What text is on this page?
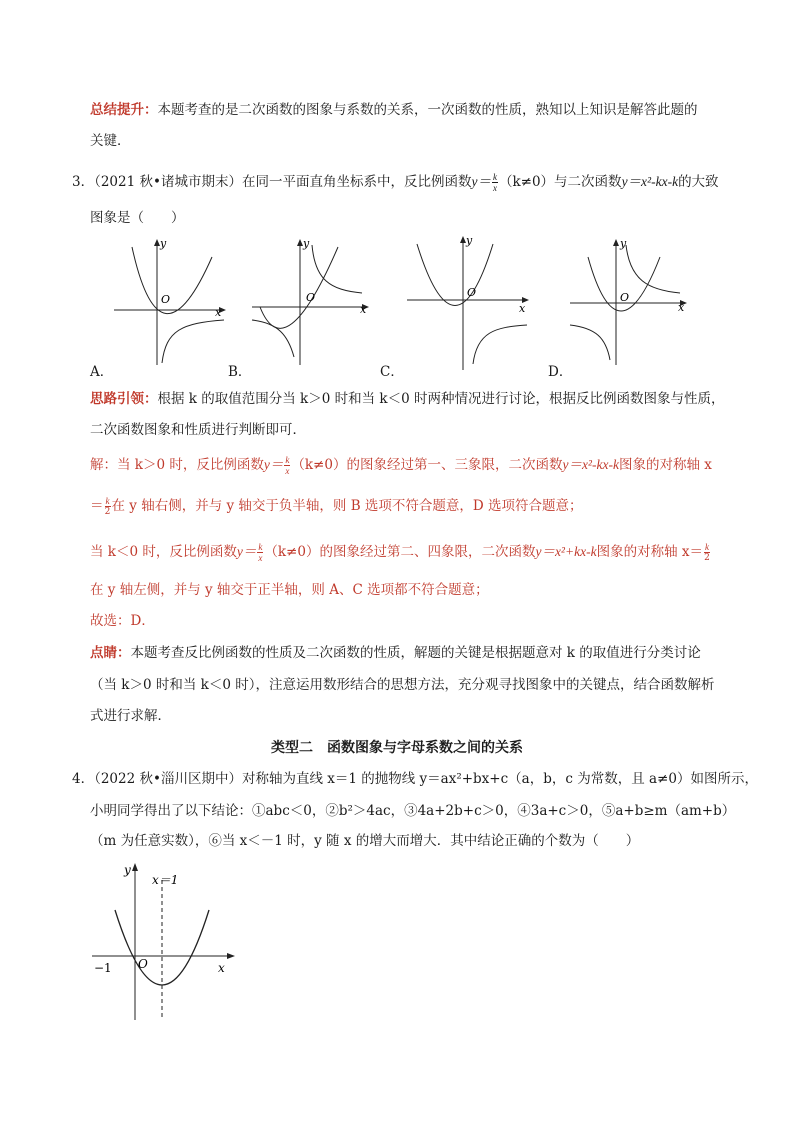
总结提升：本题考查的是二次函数的图象与系数的关系，一次函数的性质，熟知以上知识是解答此题的
关键．
3．（2021 秋•诸城市期末）在同一平面直角坐标系中，反比例函数$y= \frac{k}{x} (k\ne 0)$与二次函数y＝x²-kx-k的大致
图象是（　　）
y
x
O
A．
y
x
O
B．
y
x
O
C．
y
x
O
D．
思路引领：根据 k 的取值范围分当 k＞0 时和当 k＜0 时两种情况进行讨论，根据反比例函数图象与性质，
二次函数图象和性质进行判断即可．
解：当 k＞0 时，反比例函数$y= \frac{k}{x} (k\ne 0)$的图象经过第一、三象限，二次函数y＝x²-kx-k图象的对称轴 x
＝ $\frac{k}{2}$ 在 y 轴右侧，并与 y 轴交于负半轴，则 B 选项不符合题意，D 选项符合题意；
当 k＜0 时，反比例函数$y= \frac{k}{x} (k\ne 0)$的图象经过第二、四象限，二次函数y＝x²+kx-k图象的对称轴 $x= \frac{k}{2}$
在 y 轴左侧，并与 y 轴交于正半轴，则 A、C 选项都不符合题意；
故选：D．
点睛：本题考查反比例函数的性质及二次函数的性质，解题的关键是根据题意对 k 的取值进行分类讨论
（当 k＞0 时和当 k＜0 时），注意运用数形结合的思想方法，充分观寻找图象中的关键点，结合函数解析
式进行求解．
类型二　函数图象与字母系数之间的关系
4．（2022 秋•淄川区期中）对称轴为直线 x＝1 的抛物线 y＝ax²+bx+c（a，b，c 为常数，且 a≠0）如图所示，
小明同学得出了以下结论：①abc＜0，②b²＞4ac，③4a+2b+c＞0，④3a+c＞0，⑤a+b≥m（am+b）
（m 为任意实数），⑥当 x＜－1 时，y 随 x 的增大而增大．其中结论正确的个数为（　　）
y
x
O
−1
x＝1
